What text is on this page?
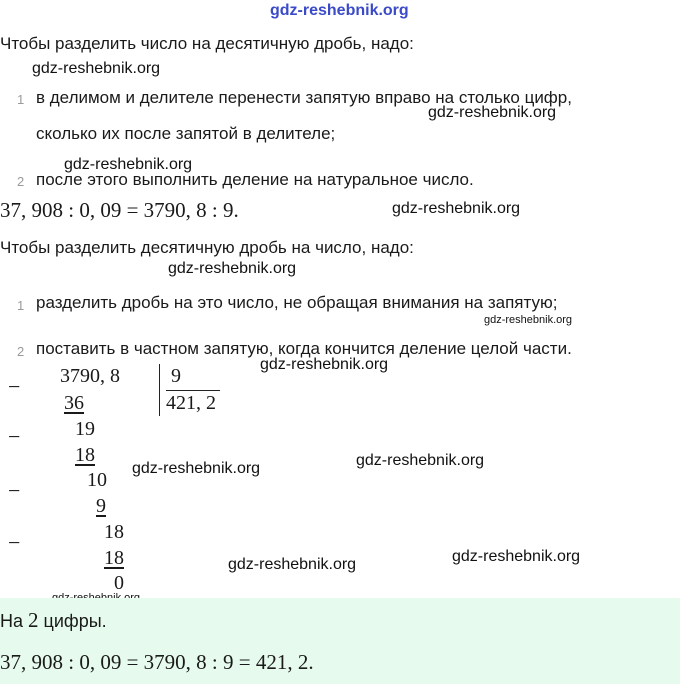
gdz-reshebnik.org
gdz-reshebnik.org
gdz-reshebnik.org
gdz-reshebnik.org
gdz-reshebnik.org
gdz-reshebnik.org
gdz-reshebnik.org
gdz-reshebnik.org
gdz-reshebnik.org	gdz-reshebnik.org
gdz-reshebnik.org
gdz-reshebnik.org
Чтобы разделить число на десятичную дробь, надо:
1 в делимом и делителе перенести запятую вправо на столько цифр,
сколько их после запятой в делителе;
2 после этого выполнить деление на натуральное число.
37, 908 : 0, 09 = 3790, 8 : 9.
Чтобы разделить десятичную дробь на число, надо:
1 разделить дробь на это число, не обращая внимания на запятую;
2 поставить в частном запятую, когда кончится деление целой части.
−
−
−
−
3790, 8	9
421, 2
36
19
18
10
9
18
18
0
На 2 цифры.
37, 908 : 0, 09 = 3790, 8 : 9 = 421, 2.
